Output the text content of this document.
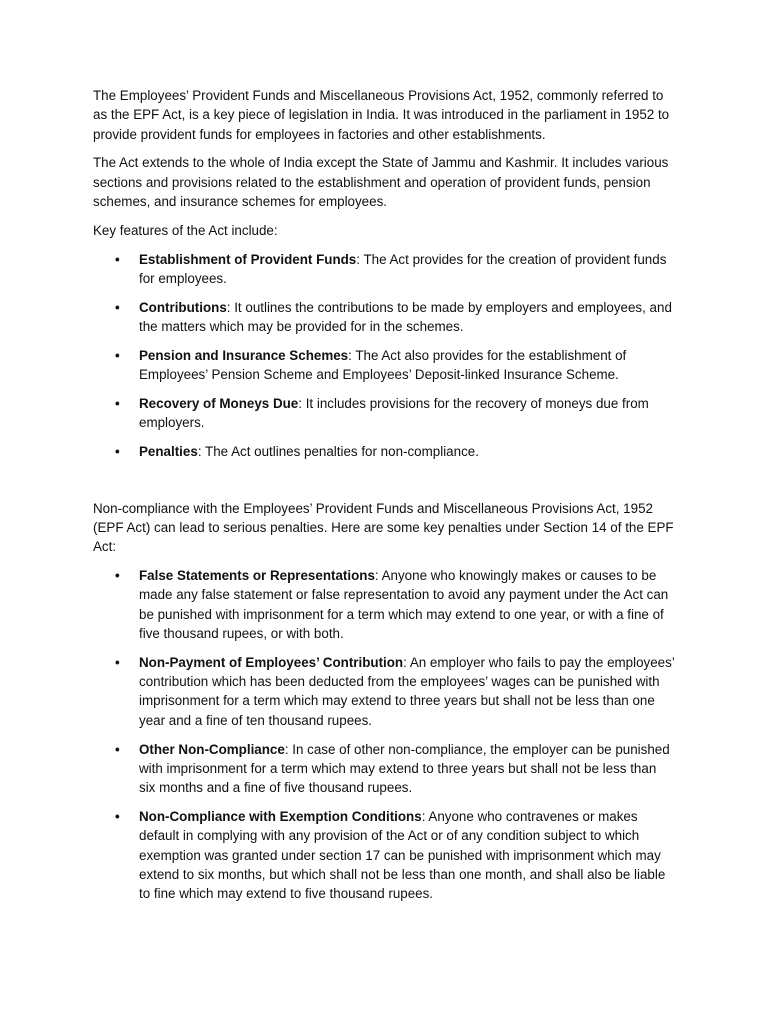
The Employees’ Provident Funds and Miscellaneous Provisions Act, 1952, commonly referred to as the EPF Act, is a key piece of legislation in India. It was introduced in the parliament in 1952 to provide provident funds for employees in factories and other establishments.

The Act extends to the whole of India except the State of Jammu and Kashmir. It includes various sections and provisions related to the establishment and operation of provident funds, pension schemes, and insurance schemes for employees.

Key features of the Act include:

• Establishment of Provident Funds: The Act provides for the creation of provident funds for employees.
• Contributions: It outlines the contributions to be made by employers and employees, and the matters which may be provided for in the schemes.
• Pension and Insurance Schemes: The Act also provides for the establishment of Employees’ Pension Scheme and Employees’ Deposit-linked Insurance Scheme.
• Recovery of Moneys Due: It includes provisions for the recovery of moneys due from employers.
• Penalties: The Act outlines penalties for non-compliance.

Non-compliance with the Employees’ Provident Funds and Miscellaneous Provisions Act, 1952 (EPF Act) can lead to serious penalties. Here are some key penalties under Section 14 of the EPF Act:

• False Statements or Representations: Anyone who knowingly makes or causes to be made any false statement or false representation to avoid any payment under the Act can be punished with imprisonment for a term which may extend to one year, or with a fine of five thousand rupees, or with both.
• Non-Payment of Employees’ Contribution: An employer who fails to pay the employees’ contribution which has been deducted from the employees’ wages can be punished with imprisonment for a term which may extend to three years but shall not be less than one year and a fine of ten thousand rupees.
• Other Non-Compliance: In case of other non-compliance, the employer can be punished with imprisonment for a term which may extend to three years but shall not be less than six months and a fine of five thousand rupees.
• Non-Compliance with Exemption Conditions: Anyone who contravenes or makes default in complying with any provision of the Act or of any condition subject to which exemption was granted under section 17 can be punished with imprisonment which may extend to six months, but which shall not be less than one month, and shall also be liable to fine which may extend to five thousand rupees.
